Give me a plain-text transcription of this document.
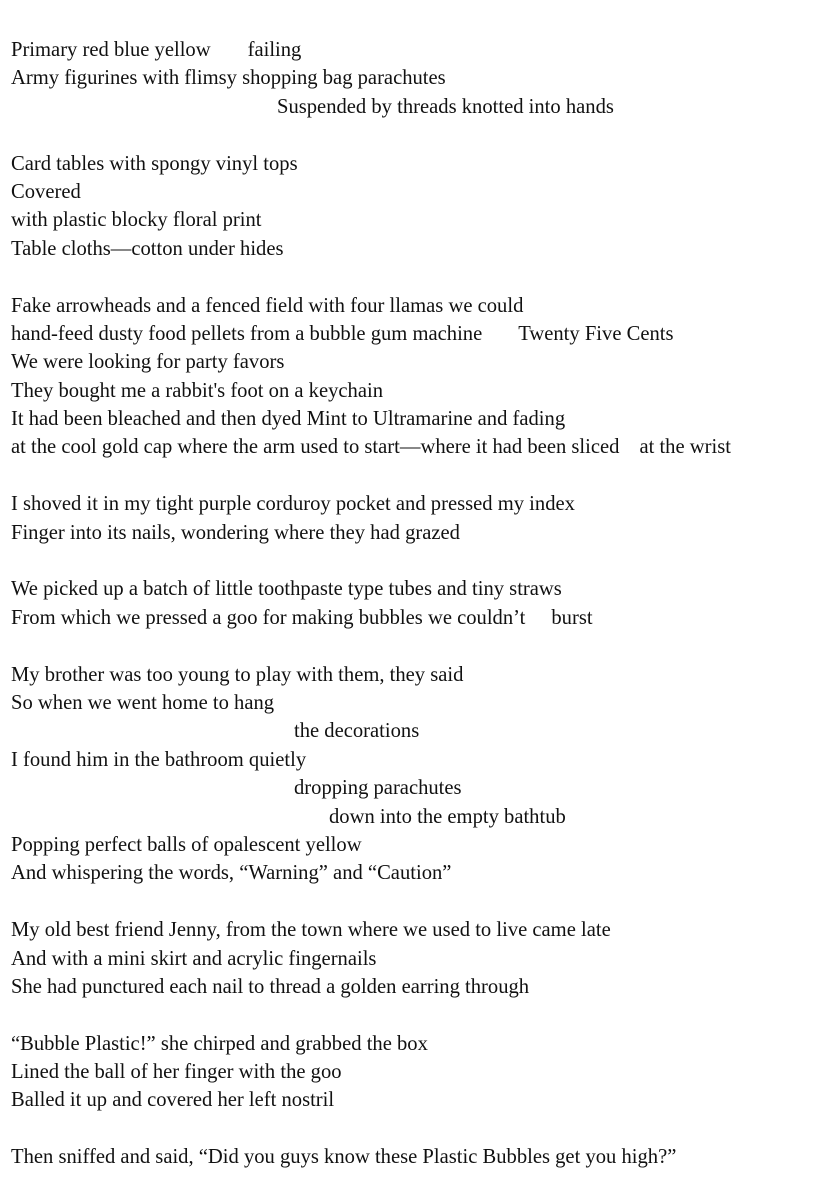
Primary red blue yellow failing
Army figurines with flimsy shopping bag parachutes
Suspended by threads knotted into hands
Card tables with spongy vinyl tops
Covered
with plastic blocky floral print
Table cloths—cotton under hides
Fake arrowheads and a fenced field with four llamas we could
hand-feed dusty food pellets from a bubble gum machine Twenty Five Cents
We were looking for party favors
They bought me a rabbit's foot on a keychain
It had been bleached and then dyed Mint to Ultramarine and fading
at the cool gold cap where the arm used to start—where it had been sliced at the wrist
I shoved it in my tight purple corduroy pocket and pressed my index
Finger into its nails, wondering where they had grazed
We picked up a batch of little toothpaste type tubes and tiny straws
From which we pressed a goo for making bubbles we couldn’t burst
My brother was too young to play with them, they said
So when we went home to hang
the decorations
I found him in the bathroom quietly
dropping parachutes
down into the empty bathtub
Popping perfect balls of opalescent yellow
And whispering the words, “Warning” and “Caution”
My old best friend Jenny, from the town where we used to live came late
And with a mini skirt and acrylic fingernails
She had punctured each nail to thread a golden earring through
“Bubble Plastic!” she chirped and grabbed the box
Lined the ball of her finger with the goo
Balled it up and covered her left nostril
Then sniffed and said, “Did you guys know these Plastic Bubbles get you high?”
